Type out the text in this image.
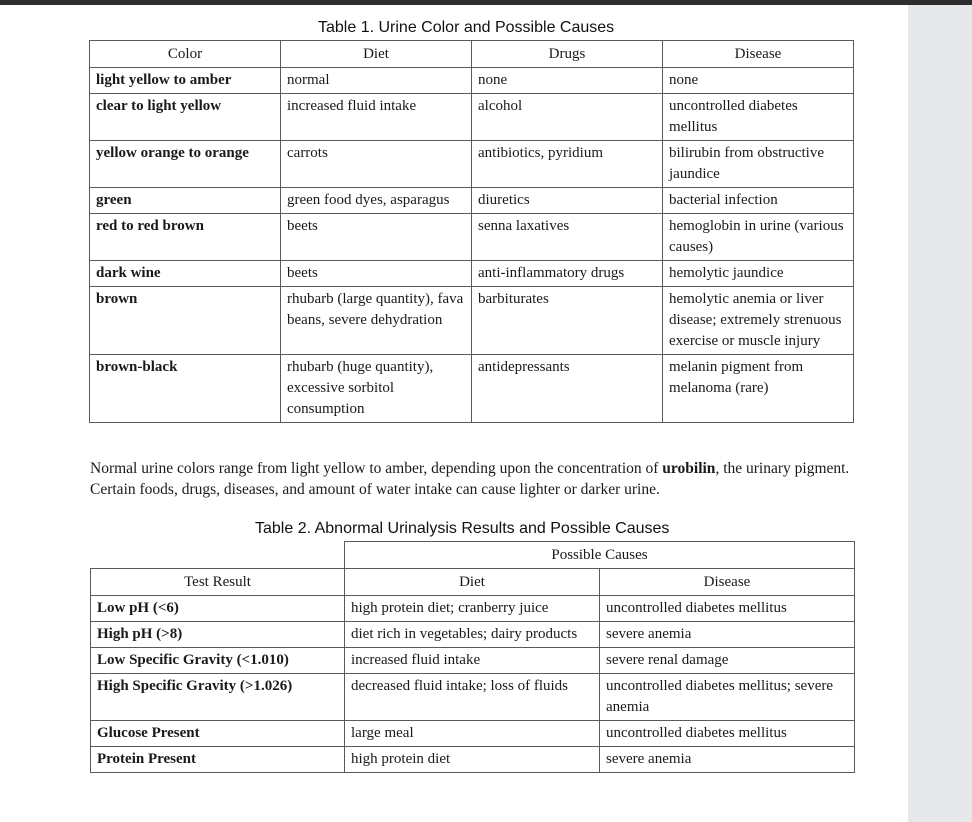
Table 1. Urine Color and Possible Causes
Color	Diet	Drugs	Disease
light yellow to amber	normal	none	none
clear to light yellow	increased fluid intake	alcohol	uncontrolled diabetes mellitus
yellow orange to orange	carrots	antibiotics, pyridium	bilirubin from obstructive jaundice
green	green food dyes, asparagus	diuretics	bacterial infection
red to red brown	beets	senna laxatives	hemoglobin in urine (various causes)
dark wine	beets	anti-inflammatory drugs	hemolytic jaundice
brown	rhubarb (large quantity), fava beans, severe dehydration	barbiturates	hemolytic anemia or liver disease; extremely strenuous exercise or muscle injury
brown-black	rhubarb (huge quantity), excessive sorbitol consumption	antidepressants	melanin pigment from melanoma (rare)
Normal urine colors range from light yellow to amber, depending upon the concentration of urobilin, the urinary pigment. Certain foods, drugs, diseases, and amount of water intake can cause lighter or darker urine.
Table 2. Abnormal Urinalysis Results and Possible Causes
	Possible Causes	
Test Result	Diet	Disease
Low pH (<6)	high protein diet; cranberry juice	uncontrolled diabetes mellitus
High pH (>8)	diet rich in vegetables; dairy products	severe anemia
Low Specific Gravity (<1.010)	increased fluid intake	severe renal damage
High Specific Gravity (>1.026)	decreased fluid intake; loss of fluids	uncontrolled diabetes mellitus; severe anemia
Glucose Present	large meal	uncontrolled diabetes mellitus
Protein Present	high protein diet	severe anemia
